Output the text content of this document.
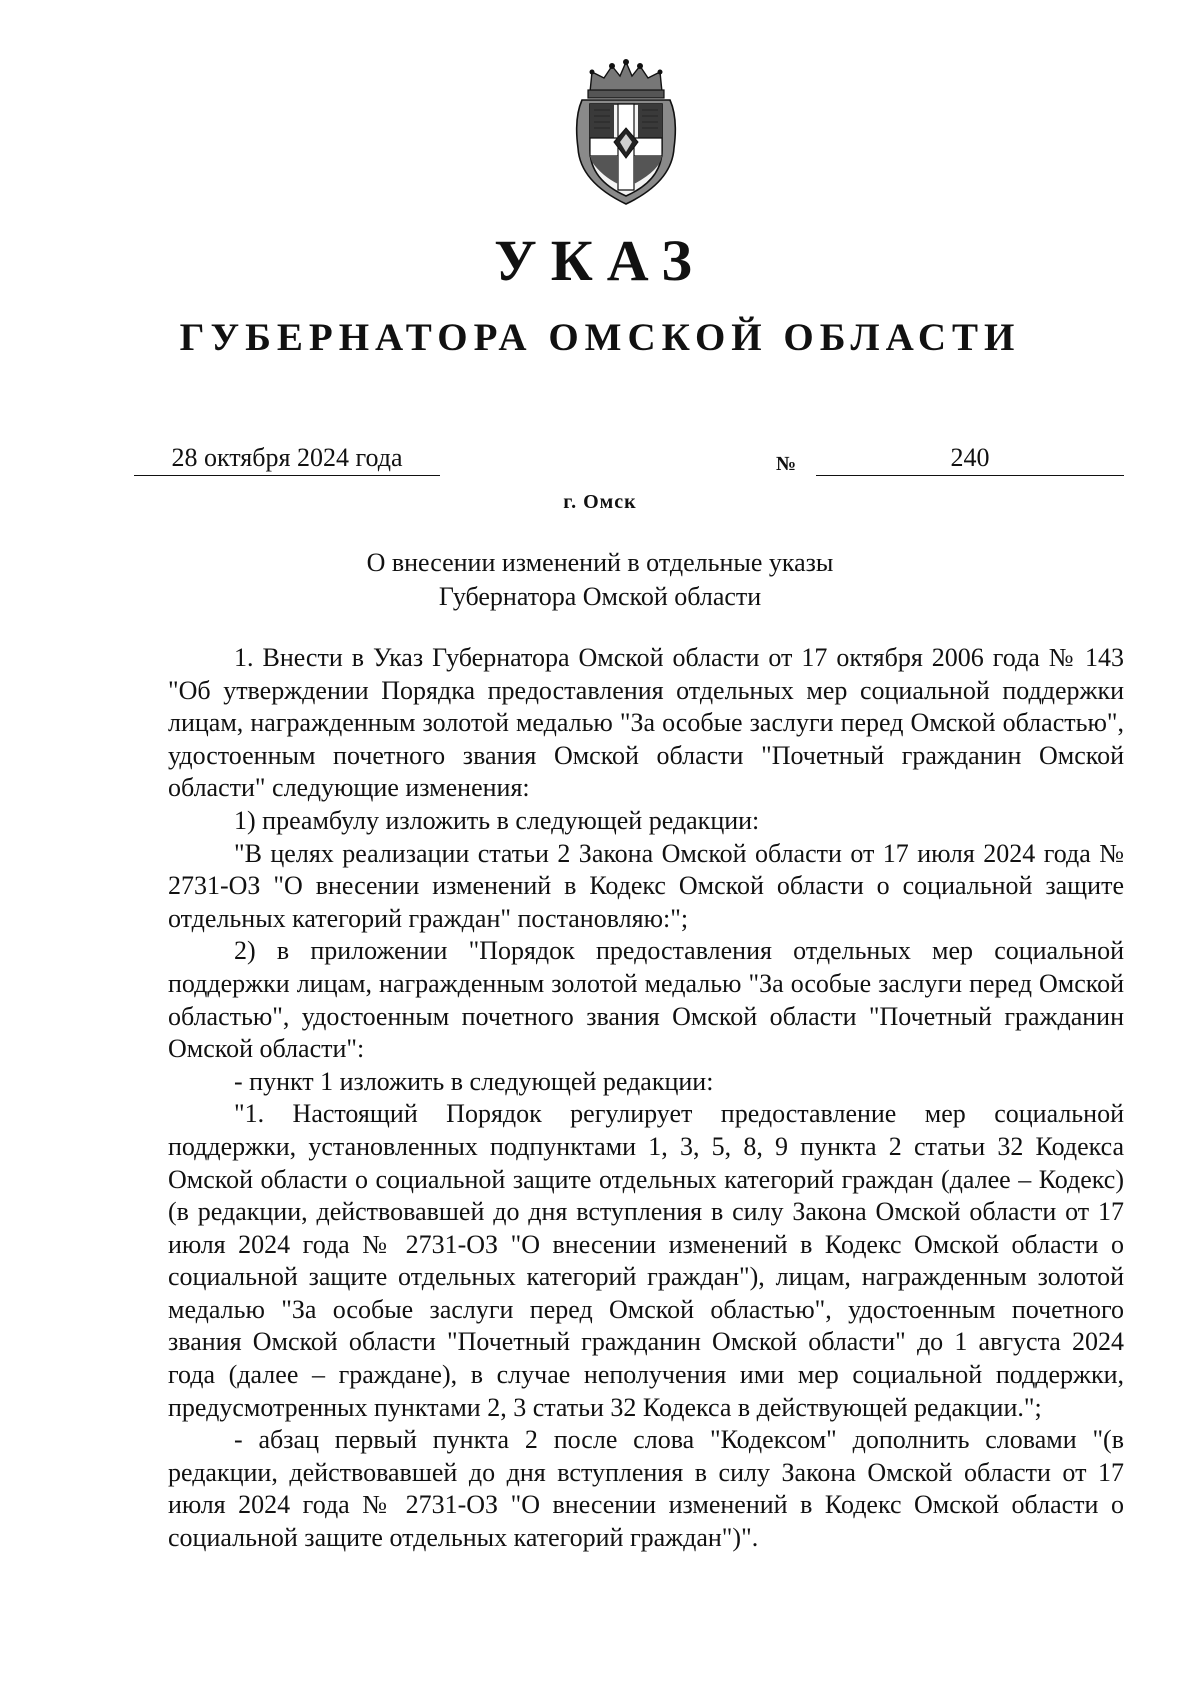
УКАЗ
ГУБЕРНАТОРА ОМСКОЙ ОБЛАСТИ
28 октября 2024 года	№	240
г. Омск
О внесении изменений в отдельные указы
Губернатора Омской области

1. Внести в Указ Губернатора Омской области от 17 октября 2006 года № 143 "Об утверждении Порядка предоставления отдельных мер социальной поддержки лицам, награжденным золотой медалью "За особые заслуги перед Омской областью", удостоенным почетного звания Омской области "Почетный гражданин Омской области" следующие изменения:

1) преамбулу изложить в следующей редакции:

"В целях реализации статьи 2 Закона Омской области от 17 июля 2024 года № 2731-ОЗ "О внесении изменений в Кодекс Омской области о социальной защите отдельных категорий граждан" постановляю:";

2) в приложении "Порядок предоставления отдельных мер социальной поддержки лицам, награжденным золотой медалью "За особые заслуги перед Омской областью", удостоенным почетного звания Омской области "Почетный гражданин Омской области":

- пункт 1 изложить в следующей редакции:

"1. Настоящий Порядок регулирует предоставление мер социальной поддержки, установленных подпунктами 1, 3, 5, 8, 9 пункта 2 статьи 32 Кодекса Омской области о социальной защите отдельных категорий граждан (далее – Кодекс) (в редакции, действовавшей до дня вступления в силу Закона Омской области от 17 июля 2024 года № 2731-ОЗ "О внесении изменений в Кодекс Омской области о социальной защите отдельных категорий граждан"), лицам, награжденным золотой медалью "За особые заслуги перед Омской областью", удостоенным почетного звания Омской области "Почетный гражданин Омской области" до 1 августа 2024 года (далее – граждане), в случае неполучения ими мер социальной поддержки, предусмотренных пунктами 2, 3 статьи 32 Кодекса в действующей редакции.";

- абзац первый пункта 2 после слова "Кодексом" дополнить словами "(в редакции, действовавшей до дня вступления в силу Закона Омской области от 17 июля 2024 года № 2731-ОЗ "О внесении изменений в Кодекс Омской области о социальной защите отдельных категорий граждан")".
